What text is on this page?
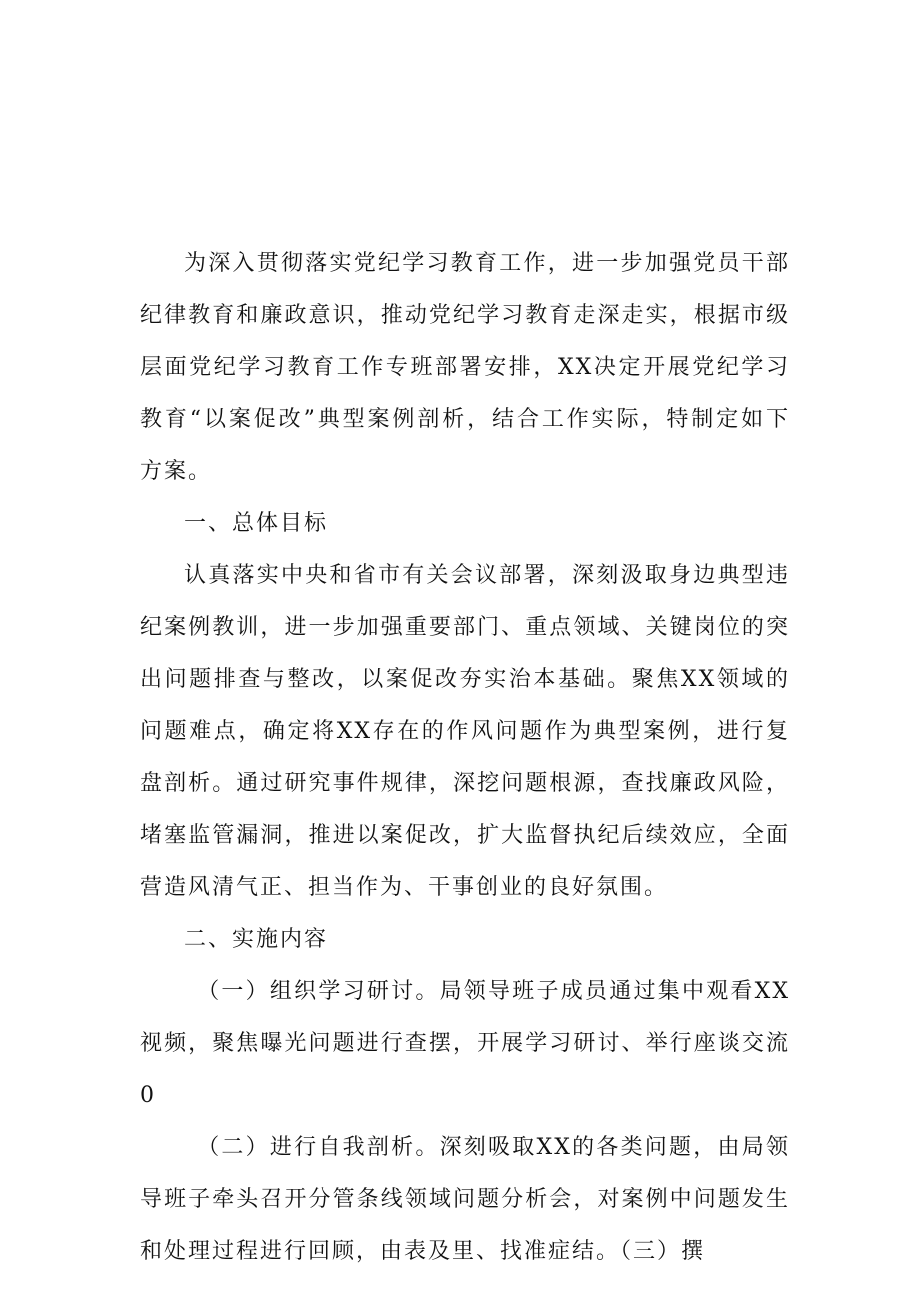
为深入贯彻落实党纪学习教育工作，进一步加强党员干部纪律教育和廉政意识，推动党纪学习教育走深走实，根据市级层面党纪学习教育工作专班部署安排，XX决定开展党纪学习教育“以案促改”典型案例剖析，结合工作实际，特制定如下方案。

一、总体目标

认真落实中央和省市有关会议部署，深刻汲取身边典型违纪案例教训，进一步加强重要部门、重点领域、关键岗位的突出问题排查与整改，以案促改夯实治本基础。聚焦XX领域的问题难点，确定将XX存在的作风问题作为典型案例，进行复盘剖析。通过研究事件规律，深挖问题根源，查找廉政风险，堵塞监管漏洞，推进以案促改，扩大监督执纪后续效应，全面营造风清气正、担当作为、干事创业的良好氛围。

二、实施内容

（一）组织学习研讨。局领导班子成员通过集中观看XX视频，聚焦曝光问题进行查摆，开展学习研讨、举行座谈交流0

（二）进行自我剖析。深刻吸取XX的各类问题，由局领导班子牵头召开分管条线领域问题分析会，对案例中问题发生和处理过程进行回顾，由表及里、找准症结。（三）撰
